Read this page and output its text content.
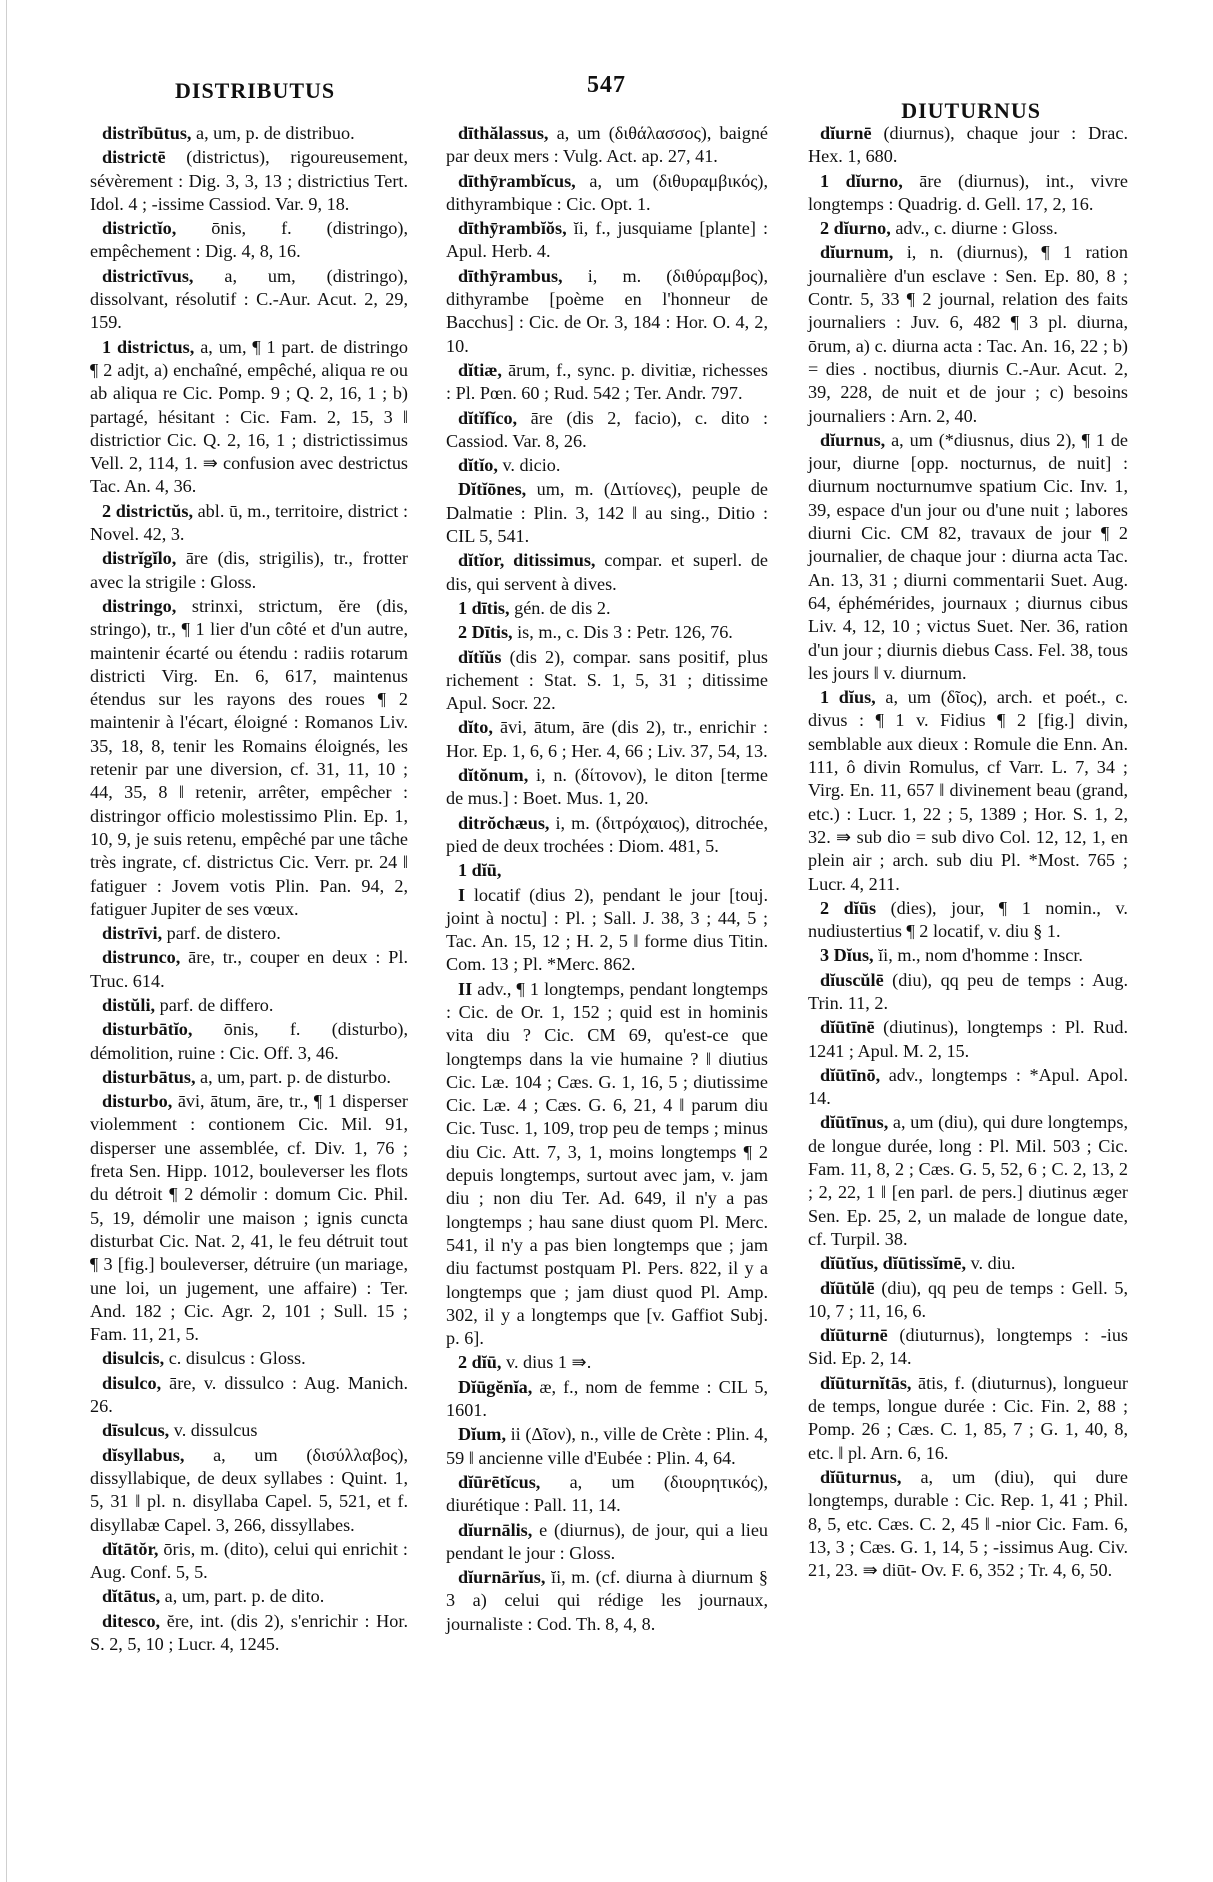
DISTRIBUTUS	547
DIUTURNUS

distrĭbūtus, a, um, p. de distribuo.

districtē (districtus), rigoureusement, sévèrement : Dig. 3, 3, 13 ; districtius Tert. Idol. 4 ; -issime Cassiod. Var. 9, 18.

districtĭo, ōnis, f. (distringo), empêchement : Dig. 4, 8, 16.

districtīvus, a, um, (distringo), dissolvant, résolutif : C.-Aur. Acut. 2, 29, 159.

1 districtus, a, um, ¶ 1 part. de distringo ¶ 2 adjt, a) enchaîné, empêché, aliqua re ou ab aliqua re Cic. Pomp. 9 ; Q. 2, 16, 1 ; b) partagé, hésitant : Cic. Fam. 2, 15, 3 ‖ districtior Cic. Q. 2, 16, 1 ; districtissimus Vell. 2, 114, 1. ⇛ confusion avec destrictus Tac. An. 4, 36.

2 districtŭs, abl. ū, m., territoire, district : Novel. 42, 3.

distrĭgĭlo, āre (dis, strigilis), tr., frotter avec la strigile : Gloss.

distringo, strinxi, strictum, ĕre (dis, stringo), tr., ¶ 1 lier d'un côté et d'un autre, maintenir écarté ou étendu : radiis rotarum districti Virg. En. 6, 617, maintenus étendus sur les rayons des roues ¶ 2 maintenir à l'écart, éloigné : Romanos Liv. 35, 18, 8, tenir les Romains éloignés, les retenir par une diversion, cf. 31, 11, 10 ; 44, 35, 8 ‖ retenir, arrêter, empêcher : distringor officio molestissimo Plin. Ep. 1, 10, 9, je suis retenu, empêché par une tâche très ingrate, cf. districtus Cic. Verr. pr. 24 ‖ fatiguer : Jovem votis Plin. Pan. 94, 2, fatiguer Jupiter de ses vœux.

distrīvi, parf. de distero.

distrunco, āre, tr., couper en deux : Pl. Truc. 614.

distŭli, parf. de differo.

disturbātĭo, ōnis, f. (disturbo), démolition, ruine : Cic. Off. 3, 46.

disturbātus, a, um, part. p. de disturbo.

disturbo, āvi, ātum, āre, tr., ¶ 1 disperser violemment : contionem Cic. Mil. 91, disperser une assemblée, cf. Div. 1, 76 ; freta Sen. Hipp. 1012, bouleverser les flots du détroit ¶ 2 démolir : domum Cic. Phil. 5, 19, démolir une maison ; ignis cuncta disturbat Cic. Nat. 2, 41, le feu détruit tout ¶ 3 [fig.] bouleverser, détruire (un mariage, une loi, un jugement, une affaire) : Ter. And. 182 ; Cic. Agr. 2, 101 ; Sull. 15 ; Fam. 11, 21, 5.

disulcis, c. disulcus : Gloss.

disulco, āre, v. dissulco : Aug. Manich. 26.

dīsulcus, v. dissulcus

dĭsyllabus, a, um (δισύλλαβος), dissyllabique, de deux syllabes : Quint. 1, 5, 31 ‖ pl. n. disyllaba Capel. 5, 521, et f. disyllabæ Capel. 3, 266, dissyllabes.

dĭtātŏr, ōris, m. (dito), celui qui enrichit : Aug. Conf. 5, 5.

dĭtātus, a, um, part. p. de dito.

ditesco, ĕre, int. (dis 2), s'enrichir : Hor. S. 2, 5, 10 ; Lucr. 4, 1245.

dīthălassus, a, um (διθάλασσος), baigné par deux mers : Vulg. Act. ap. 27, 41.

dīthȳrambĭcus, a, um (διθυραμβικός), dithyrambique : Cic. Opt. 1.

dīthȳrambĭŏs, ĭi, f., jusquiame [plante] : Apul. Herb. 4.

dīthȳrambus, i, m. (διθύραμβος), dithyrambe [poème en l'honneur de Bacchus] : Cic. de Or. 3, 184 : Hor. O. 4, 2, 10.

dĭtiæ, ārum, f., sync. p. divitiæ, richesses : Pl. Pœn. 60 ; Rud. 542 ; Ter. Andr. 797.

dĭtĭfĭco, āre (dis 2, facio), c. dito : Cassiod. Var. 8, 26.

dĭtĭo, v. dicio.

Dĭtĭōnes, um, m. (Διτίονες), peuple de Dalmatie : Plin. 3, 142 ‖ au sing., Ditio : CIL 5, 541.

dĭtĭor, ditissimus, compar. et superl. de dis, qui servent à dives.

1 dītis, gén. de dis 2.

2 Dītis, is, m., c. Dis 3 : Petr. 126, 76.

dĭtĭŭs (dis 2), compar. sans positif, plus richement : Stat. S. 1, 5, 31 ; ditissime Apul. Socr. 22.

dĭto, āvi, ātum, āre (dis 2), tr., enrichir : Hor. Ep. 1, 6, 6 ; Her. 4, 66 ; Liv. 37, 54, 13.

dĭtŏnum, i, n. (δίτονον), le diton [terme de mus.] : Boet. Mus. 1, 20.

ditrŏchæus, i, m. (διτρόχαιος), ditrochée, pied de deux trochées : Diom. 481, 5.

1 dĭū,

I locatif (dius 2), pendant le jour [touj. joint à noctu] : Pl. ; Sall. J. 38, 3 ; 44, 5 ; Tac. An. 15, 12 ; H. 2, 5 ‖ forme dius Titin. Com. 13 ; Pl. *Merc. 862.

II adv., ¶ 1 longtemps, pendant longtemps : Cic. de Or. 1, 152 ; quid est in hominis vita diu ? Cic. CM 69, qu'est-ce que longtemps dans la vie humaine ? ‖ diutius Cic. Læ. 104 ; Cæs. G. 1, 16, 5 ; diutissime Cic. Læ. 4 ; Cæs. G. 6, 21, 4 ‖ parum diu Cic. Tusc. 1, 109, trop peu de temps ; minus diu Cic. Att. 7, 3, 1, moins longtemps ¶ 2 depuis longtemps, surtout avec jam, v. jam diu ; non diu Ter. Ad. 649, il n'y a pas longtemps ; hau sane diust quom Pl. Merc. 541, il n'y a pas bien longtemps que ; jam diu factumst postquam Pl. Pers. 822, il y a longtemps que ; jam diust quod Pl. Amp. 302, il y a longtemps que [v. Gaffiot Subj. p. 6].

2 dĭū, v. dius 1 ⇛.

Dĭūgĕnĭa, æ, f., nom de femme : CIL 5, 1601.

Dĭum, ii (Δῖον), n., ville de Crète : Plin. 4, 59 ‖ ancienne ville d'Eubée : Plin. 4, 64.

dĭūrētĭcus, a, um (διουρητικός), diurétique : Pall. 11, 14.

dĭurnālis, e (diurnus), de jour, qui a lieu pendant le jour : Gloss.

dĭurnārĭus, ĭi, m. (cf. diurna à diurnum § 3 a) celui qui rédige les journaux, journaliste : Cod. Th. 8, 4, 8.

dĭurnē (diurnus), chaque jour : Drac. Hex. 1, 680.

1 dĭurno, āre (diurnus), int., vivre longtemps : Quadrig. d. Gell. 17, 2, 16.

2 dĭurno, adv., c. diurne : Gloss.

dĭurnum, i, n. (diurnus), ¶ 1 ration journalière d'un esclave : Sen. Ep. 80, 8 ; Contr. 5, 33 ¶ 2 journal, relation des faits journaliers : Juv. 6, 482 ¶ 3 pl. diurna, ōrum, a) c. diurna acta : Tac. An. 16, 22 ; b) = dies . noctibus, diurnis C.-Aur. Acut. 2, 39, 228, de nuit et de jour ; c) besoins journaliers : Arn. 2, 40.

dĭurnus, a, um (*diusnus, dius 2), ¶ 1 de jour, diurne [opp. nocturnus, de nuit] : diurnum nocturnumve spatium Cic. Inv. 1, 39, espace d'un jour ou d'une nuit ; labores diurni Cic. CM 82, travaux de jour ¶ 2 journalier, de chaque jour : diurna acta Tac. An. 13, 31 ; diurni commentarii Suet. Aug. 64, éphémérides, journaux ; diurnus cibus Liv. 4, 12, 10 ; victus Suet. Ner. 36, ration d'un jour ; diurnis diebus Cass. Fel. 38, tous les jours ‖ v. diurnum.

1 dĭus, a, um (δῖος), arch. et poét., c. divus : ¶ 1 v. Fidius ¶ 2 [fig.] divin, semblable aux dieux : Romule die Enn. An. 111, ô divin Romulus, cf Varr. L. 7, 34 ; Virg. En. 11, 657 ‖ divinement beau (grand, etc.) : Lucr. 1, 22 ; 5, 1389 ; Hor. S. 1, 2, 32. ⇛ sub dio = sub divo Col. 12, 12, 1, en plein air ; arch. sub diu Pl. *Most. 765 ; Lucr. 4, 211.

2 dĭūs (dies), jour, ¶ 1 nomin., v. nudiustertius ¶ 2 locatif, v. diu § 1.

3 Dĭus, ĭi, m., nom d'homme : Inscr.

dĭuscŭlē (diu), qq peu de temps : Aug. Trin. 11, 2.

dĭūtīnē (diutinus), longtemps : Pl. Rud. 1241 ; Apul. M. 2, 15.

dĭūtīnō, adv., longtemps : *Apul. Apol. 14.

dĭūtīnus, a, um (diu), qui dure longtemps, de longue durée, long : Pl. Mil. 503 ; Cic. Fam. 11, 8, 2 ; Cæs. G. 5, 52, 6 ; C. 2, 13, 2 ; 2, 22, 1 ‖ [en parl. de pers.] diutinus æger Sen. Ep. 25, 2, un malade de longue date, cf. Turpil. 38.

dĭūtĭus, dĭūtissĭmē, v. diu.

dĭūtŭlē (diu), qq peu de temps : Gell. 5, 10, 7 ; 11, 16, 6.

dĭūturnē (diuturnus), longtemps : -ius Sid. Ep. 2, 14.

dĭūturnĭtās, ātis, f. (diuturnus), longueur de temps, longue durée : Cic. Fin. 2, 88 ; Pomp. 26 ; Cæs. C. 1, 85, 7 ; G. 1, 40, 8, etc. ‖ pl. Arn. 6, 16.

dĭūturnus, a, um (diu), qui dure longtemps, durable : Cic. Rep. 1, 41 ; Phil. 8, 5, etc. Cæs. C. 2, 45 ‖ -nior Cic. Fam. 6, 13, 3 ; Cæs. G. 1, 14, 5 ; -issimus Aug. Civ. 21, 23. ⇛ diūt- Ov. F. 6, 352 ; Tr. 4, 6, 50.
